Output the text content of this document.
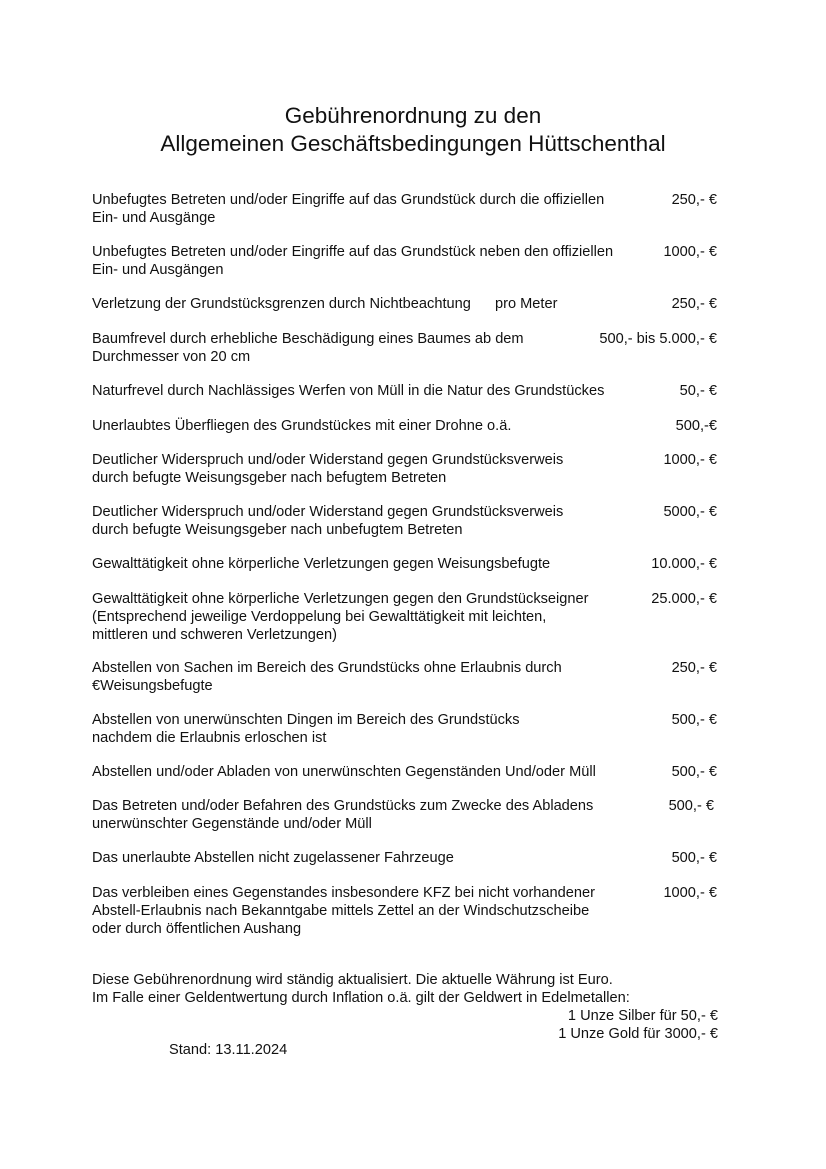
Gebührenordnung zu den
Allgemeinen Geschäftsbedingungen Hüttschenthal
Unbefugtes Betreten und/oder Eingriffe auf das Grundstück durch die offiziellen
Ein- und Ausgänge
250,- €
Unbefugtes Betreten und/oder Eingriffe auf das Grundstück neben den offiziellen
Ein- und Ausgängen
1000,- €
Verletzung der Grundstücksgrenzen durch Nichtbeachtung	pro Meter	250,- €
Baumfrevel durch erhebliche Beschädigung eines Baumes ab dem
Durchmesser von 20 cm
500,- bis 5.000,- €
Naturfrevel durch Nachlässiges Werfen von Müll in die Natur des Grundstückes	50,- €
Unerlaubtes Überfliegen des Grundstückes mit einer Drohne o.ä.	500,-€
Deutlicher Widerspruch und/oder Widerstand gegen Grundstücksverweis
durch befugte Weisungsgeber nach befugtem Betreten
1000,- €
Deutlicher Widerspruch und/oder Widerstand gegen Grundstücksverweis
durch befugte Weisungsgeber nach unbefugtem Betreten
5000,- €
Gewalttätigkeit ohne körperliche Verletzungen gegen Weisungsbefugte	10.000,- €
Gewalttätigkeit ohne körperliche Verletzungen gegen den Grundstückseigner
(Entsprechend jeweilige Verdoppelung bei Gewalttätigkeit mit leichten,
mittleren und schweren Verletzungen)
25.000,- €
Abstellen von Sachen im Bereich des Grundstücks ohne Erlaubnis durch
€Weisungsbefugte
250,- €
Abstellen von unerwünschten Dingen im Bereich des Grundstücks
nachdem die Erlaubnis erloschen ist
500,- €
Abstellen und/oder Abladen von unerwünschten Gegenständen Und/oder Müll	500,- €
Das Betreten und/oder Befahren des Grundstücks zum Zwecke des Abladens
unerwünschter Gegenstände und/oder Müll
500,- €
Das unerlaubte Abstellen nicht zugelassener Fahrzeuge	500,- €
Das verbleiben eines Gegenstandes insbesondere KFZ bei nicht vorhandener
Abstell-Erlaubnis nach Bekanntgabe mittels Zettel an der Windschutzscheibe
oder durch öffentlichen Aushang
1000,- €
Diese Gebührenordnung wird ständig aktualisiert. Die aktuelle Währung ist Euro.
Im Falle einer Geldentwertung durch Inflation o.ä. gilt der Geldwert in Edelmetallen:
1 Unze Silber für 50,- €
1 Unze Gold für 3000,- €
Stand: 13.11.2024
